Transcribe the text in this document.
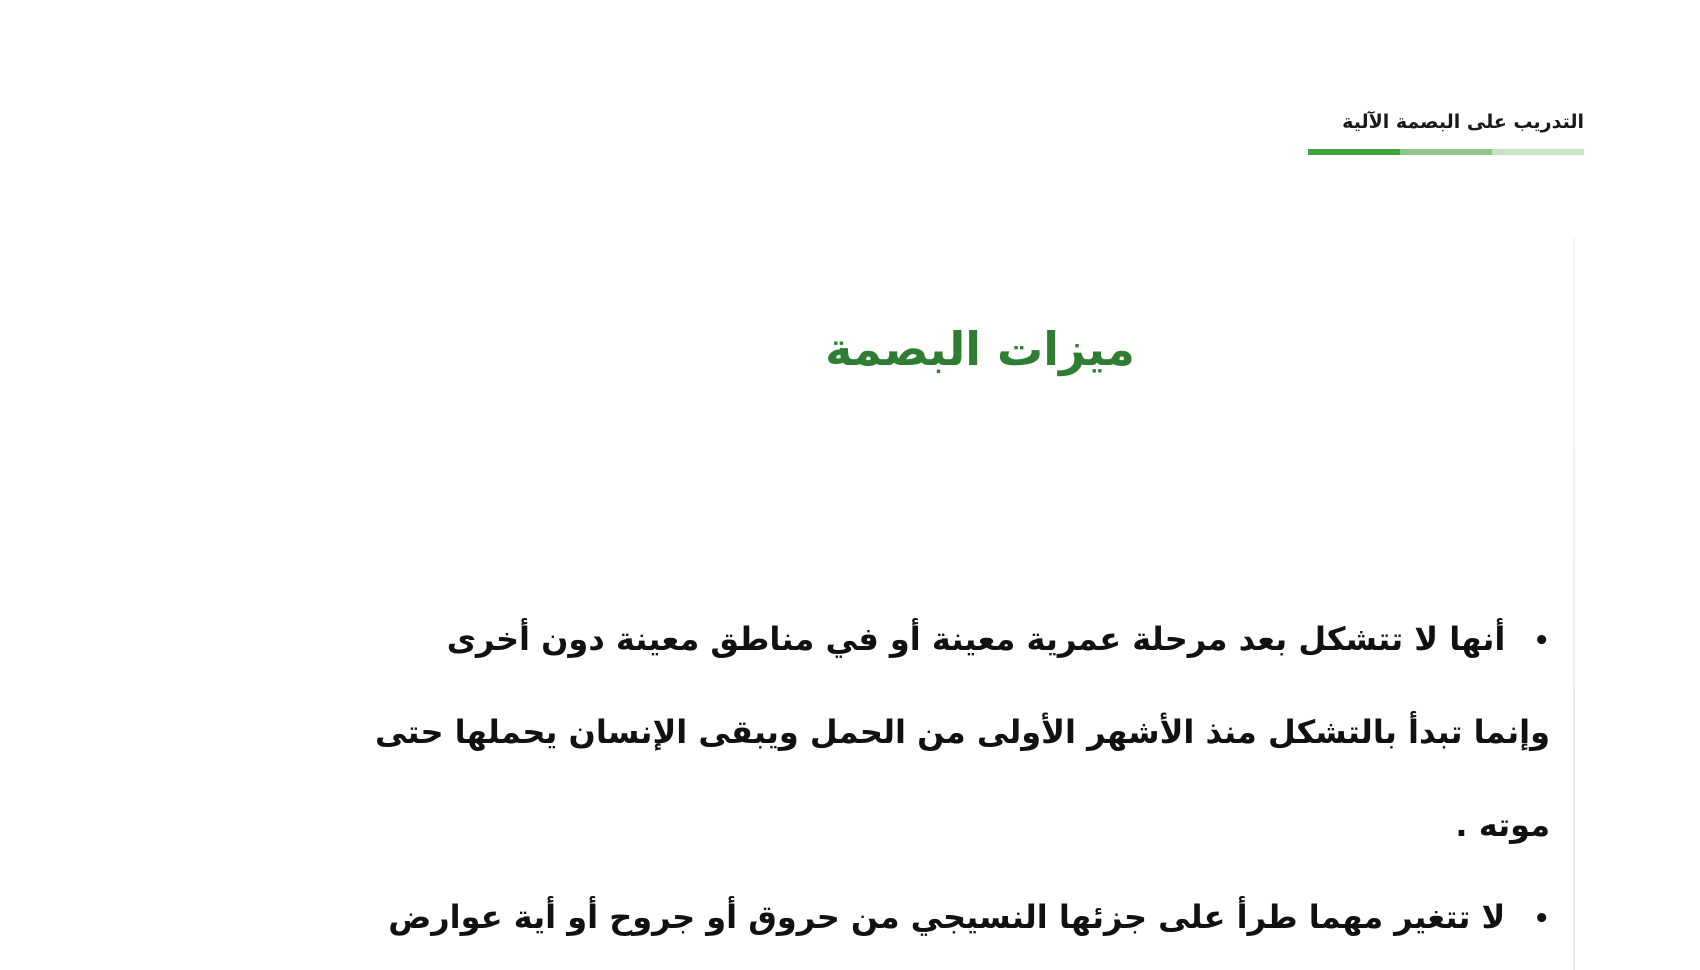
التدريب على البصمة الآلية
ميزات البصمة
•أنها لا تتشكل بعد مرحلة عمرية معينة أو في مناطق معينة دون أخرى
وإنما تبدأ بالتشكل منذ الأشهر الأولى من الحمل ويبقى الإنسان يحملها حتى
موته .
•لا تتغير مهما طرأ على جزئها النسيجي من حروق أو جروح أو أية عوارض
